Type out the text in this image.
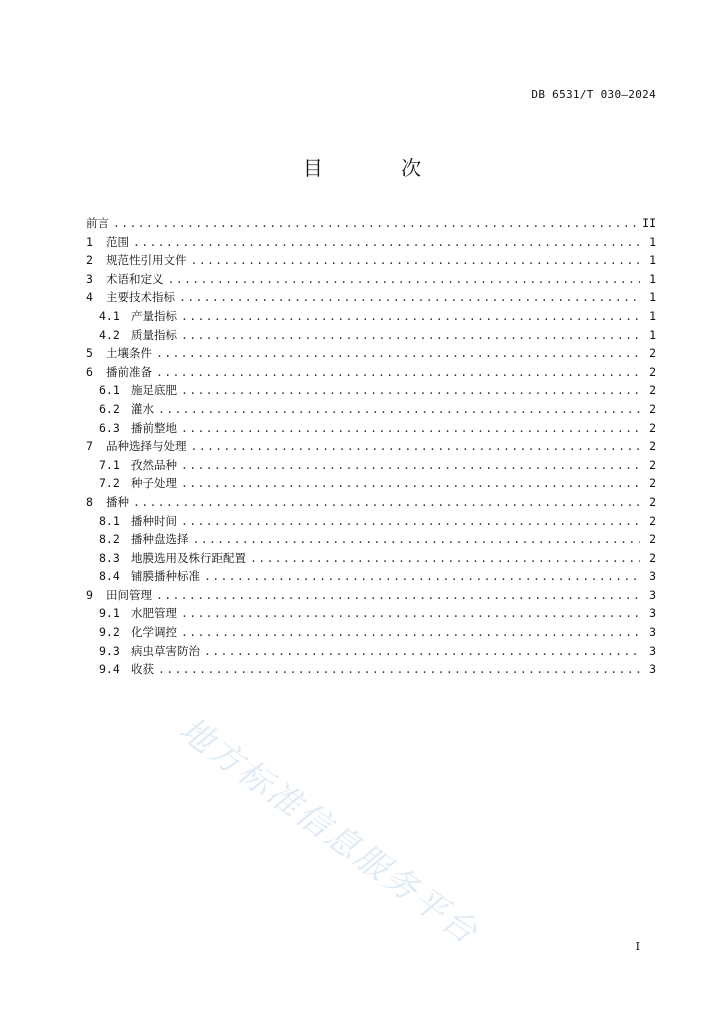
DB 6531/T 030—2024
目 次
前言 .....	II
1	范围 .....	1
2	规范性引用文件 .....	1
3	术语和定义 .....	1
4	主要技术指标 .....	1
4.1 产量指标 .....	1
4.2 质量指标 .....	1
5	土壤条件 .....	2
6	播前准备 .....	2
6.1 施足底肥 .....	2
6.2 灌水 .....	2
6.3 播前整地 .....	2
7	品种选择与处理 .....	2
7.1 孜然品种 .....	2
7.2 种子处理 .....	2
8	播种 .....	2
8.1 播种时间 .....	2
8.2 播种盘选择 .....	2
8.3 地膜选用及株行距配置 .....	2
8.4 铺膜播种标准 .....	3
9	田间管理 .....	3
9.1 水肥管理 .....	3
9.2 化学调控 .....	3
9.3 病虫草害防治 .....	3
9.4 收获 .....	3
地方标准信息服务平台	I
